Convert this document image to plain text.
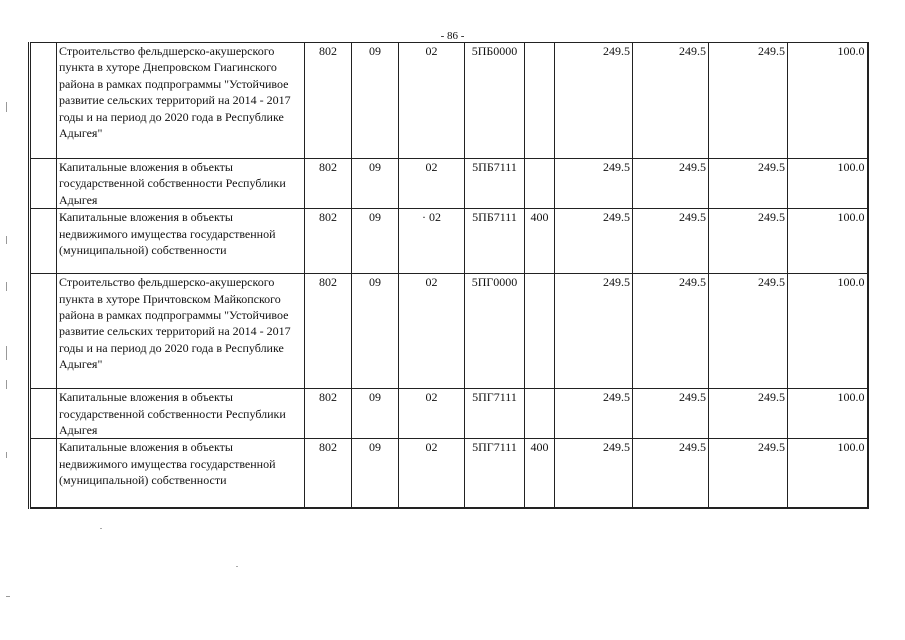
- 86 -
	Строительство фельдшерско-акушерского пункта в хуторе Днепровском Гиагинского района в рамках подпрограммы "Устойчивое развитие сельских территорий на 2014 - 2017 годы и на период до 2020 года в Республике Адыгея"	802	09	02	5ПБ0000		249.5	249.5	249.5	100.0
	Капитальные вложения в объекты государственной собственности Республики Адыгея	802	09	02	5ПБ7111		249.5	249.5	249.5	100.0
	Капитальные вложения в объекты недвижимого имущества государственной (муниципальной) собственности	802	09	· 02	5ПБ7111	400	249.5	249.5	249.5	100.0
	Строительство фельдшерско-акушерского пункта в хуторе Причтовском Майкопского района в рамках подпрограммы "Устойчивое развитие сельских территорий на 2014 - 2017 годы и на период до 2020 года в Республике Адыгея"	802	09	02	5ПГ0000		249.5	249.5	249.5	100.0
	Капитальные вложения в объекты государственной собственности Республики Адыгея	802	09	02	5ПГ7111		249.5	249.5	249.5	100.0
	Капитальные вложения в объекты недвижимого имущества государственной (муниципальной) собственности	802	09	02	5ПГ7111	400	249.5	249.5	249.5	100.0
